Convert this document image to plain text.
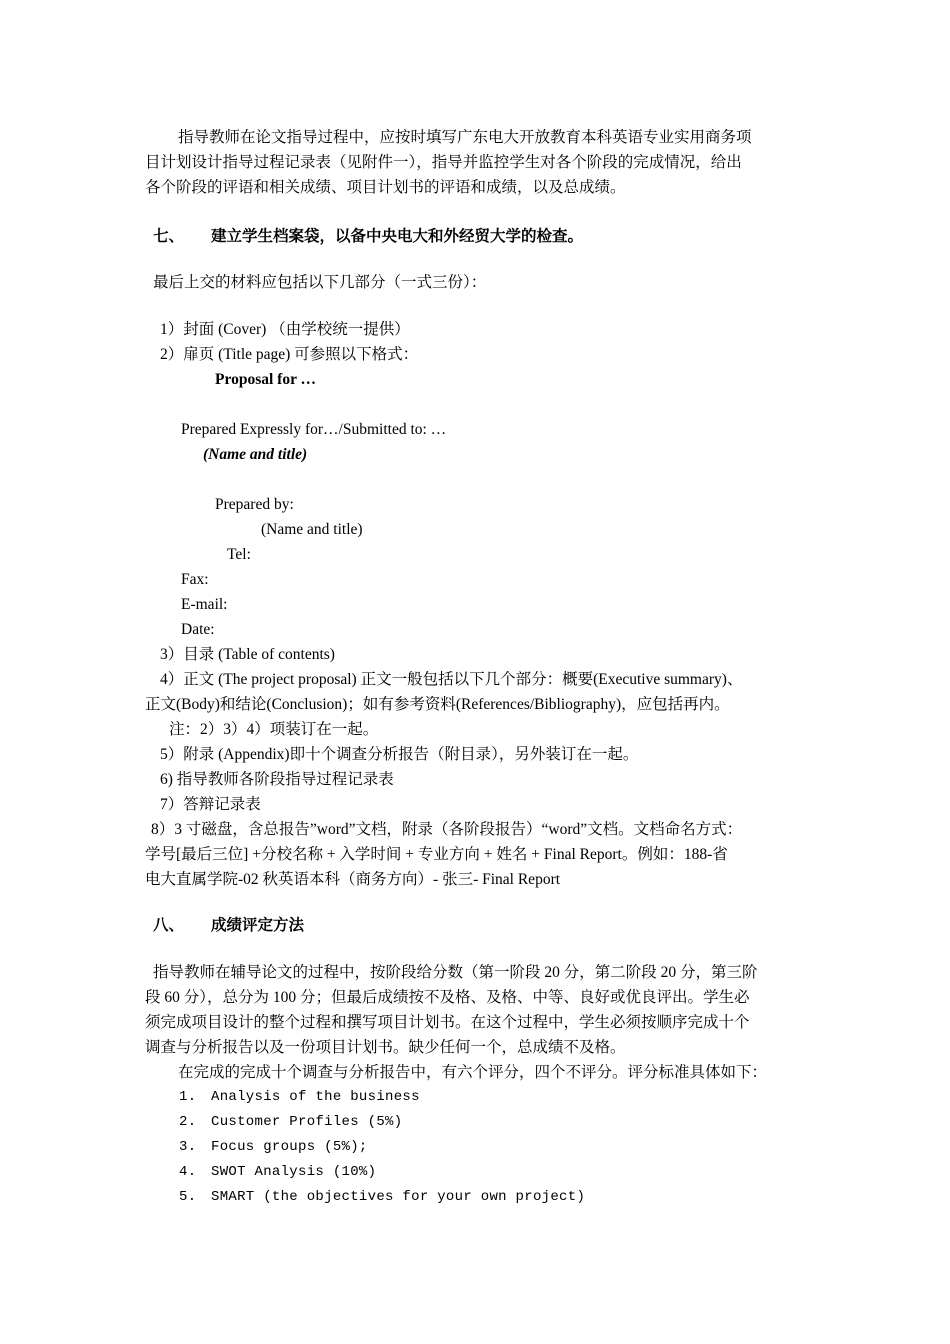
指导教师在论文指导过程中，应按时填写广东电大开放教育本科英语专业实用商务项
目计划设计指导过程记录表（见附件一），指导并监控学生对各个阶段的完成情况，给出
各个阶段的评语和相关成绩、项目计划书的评语和成绩，以及总成绩。
七、 建立学生档案袋，以备中央电大和外经贸大学的检查。
最后上交的材料应包括以下几部分（一式三份）：
1）封面 (Cover) （由学校统一提供）
2）扉页 (Title page) 可参照以下格式：
Proposal for …
Prepared Expressly for…/Submitted to: …
(Name and title)
Prepared by:
(Name and title)
Tel:
Fax:
E-mail:
Date:
3）目录 (Table of contents)
4）正文 (The project proposal) 正文一般包括以下几个部分：概要(Executive summary)、
正文(Body)和结论(Conclusion)；如有参考资料(References/Bibliography)，应包括再内。
注：2）3）4）项装订在一起。
5）附录 (Appendix)即十个调查分析报告（附目录），另外装订在一起。
6) 指导教师各阶段指导过程记录表
7）答辩记录表
8）3 寸磁盘，含总报告”word”文档，附录（各阶段报告）“word”文档。文档命名方式：
学号[最后三位] +分校名称 + 入学时间 + 专业方向 + 姓名 + Final Report。例如：188-省
电大直属学院-02 秋英语本科（商务方向）- 张三- Final Report
八、 成绩评定方法
指导教师在辅导论文的过程中，按阶段给分数（第一阶段 20 分，第二阶段 20 分，第三阶
段 60 分），总分为 100 分；但最后成绩按不及格、及格、中等、良好或优良评出。学生必
须完成项目设计的整个过程和撰写项目计划书。在这个过程中，学生必须按顺序完成十个
调查与分析报告以及一份项目计划书。缺少任何一个，总成绩不及格。
在完成的完成十个调查与分析报告中，有六个评分，四个不评分。评分标准具体如下：
1. Analysis of the business
2. Customer Profiles (5%)
3. Focus groups (5%);
4. SWOT Analysis (10%)
5. SMART (the objectives for your own project)
